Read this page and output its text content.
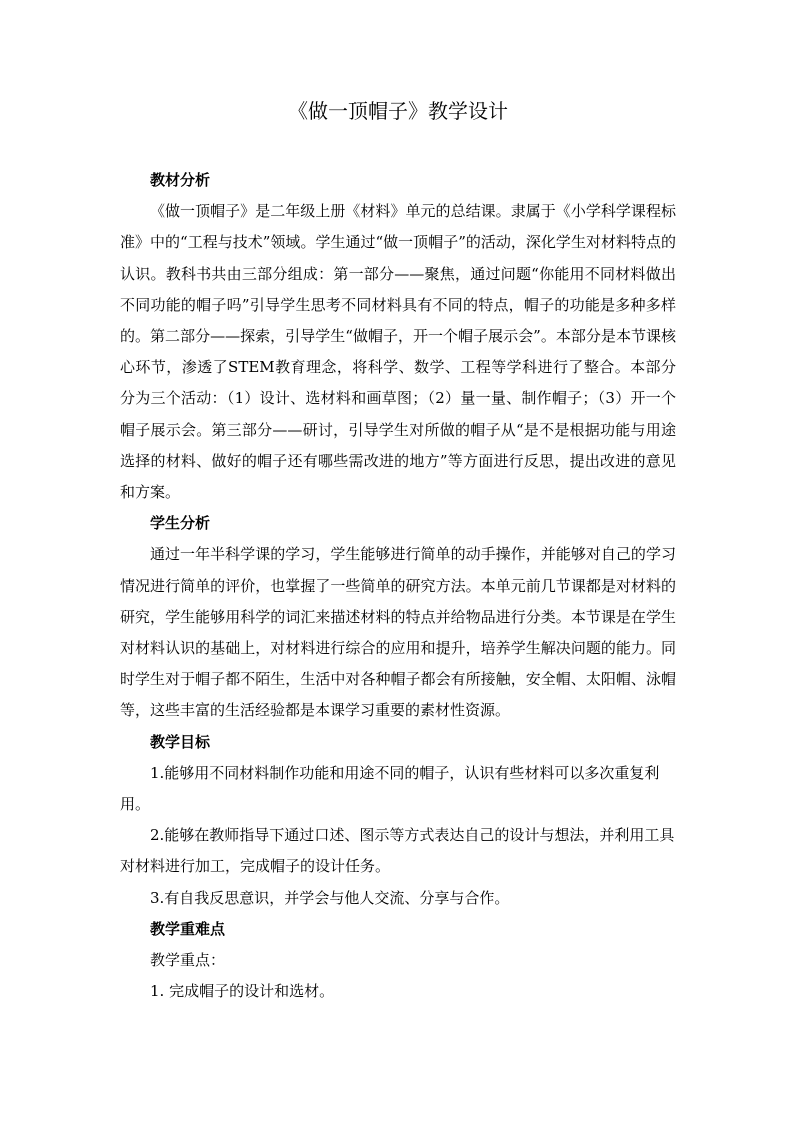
《做一顶帽子》教学设计

教材分析

《做一顶帽子》是二年级上册《材料》单元的总结课。隶属于《小学科学课程标准》中的“工程与技术”领域。学生通过“做一顶帽子”的活动，深化学生对材料特点的认识。教科书共由三部分组成：第一部分——聚焦，通过问题“你能用不同材料做出不同功能的帽子吗”引导学生思考不同材料具有不同的特点，帽子的功能是多种多样的。第二部分——探索，引导学生“做帽子，开一个帽子展示会”。本部分是本节课核心环节，渗透了STEM教育理念，将科学、数学、工程等学科进行了整合。本部分分为三个活动：（1）设计、选材料和画草图；（2）量一量、制作帽子；（3）开一个帽子展示会。第三部分——研讨，引导学生对所做的帽子从“是不是根据功能与用途选择的材料、做好的帽子还有哪些需改进的地方”等方面进行反思，提出改进的意见和方案。

学生分析

通过一年半科学课的学习，学生能够进行简单的动手操作，并能够对自己的学习情况进行简单的评价，也掌握了一些简单的研究方法。本单元前几节课都是对材料的研究，学生能够用科学的词汇来描述材料的特点并给物品进行分类。本节课是在学生对材料认识的基础上，对材料进行综合的应用和提升，培养学生解决问题的能力。同时学生对于帽子都不陌生，生活中对各种帽子都会有所接触，安全帽、太阳帽、泳帽等，这些丰富的生活经验都是本课学习重要的素材性资源。

教学目标

1.能够用不同材料制作功能和用途不同的帽子，认识有些材料可以多次重复利用。

2.能够在教师指导下通过口述、图示等方式表达自己的设计与想法，并利用工具对材料进行加工，完成帽子的设计任务。

3.有自我反思意识，并学会与他人交流、分享与合作。

教学重难点

教学重点：

1. 完成帽子的设计和选材。
